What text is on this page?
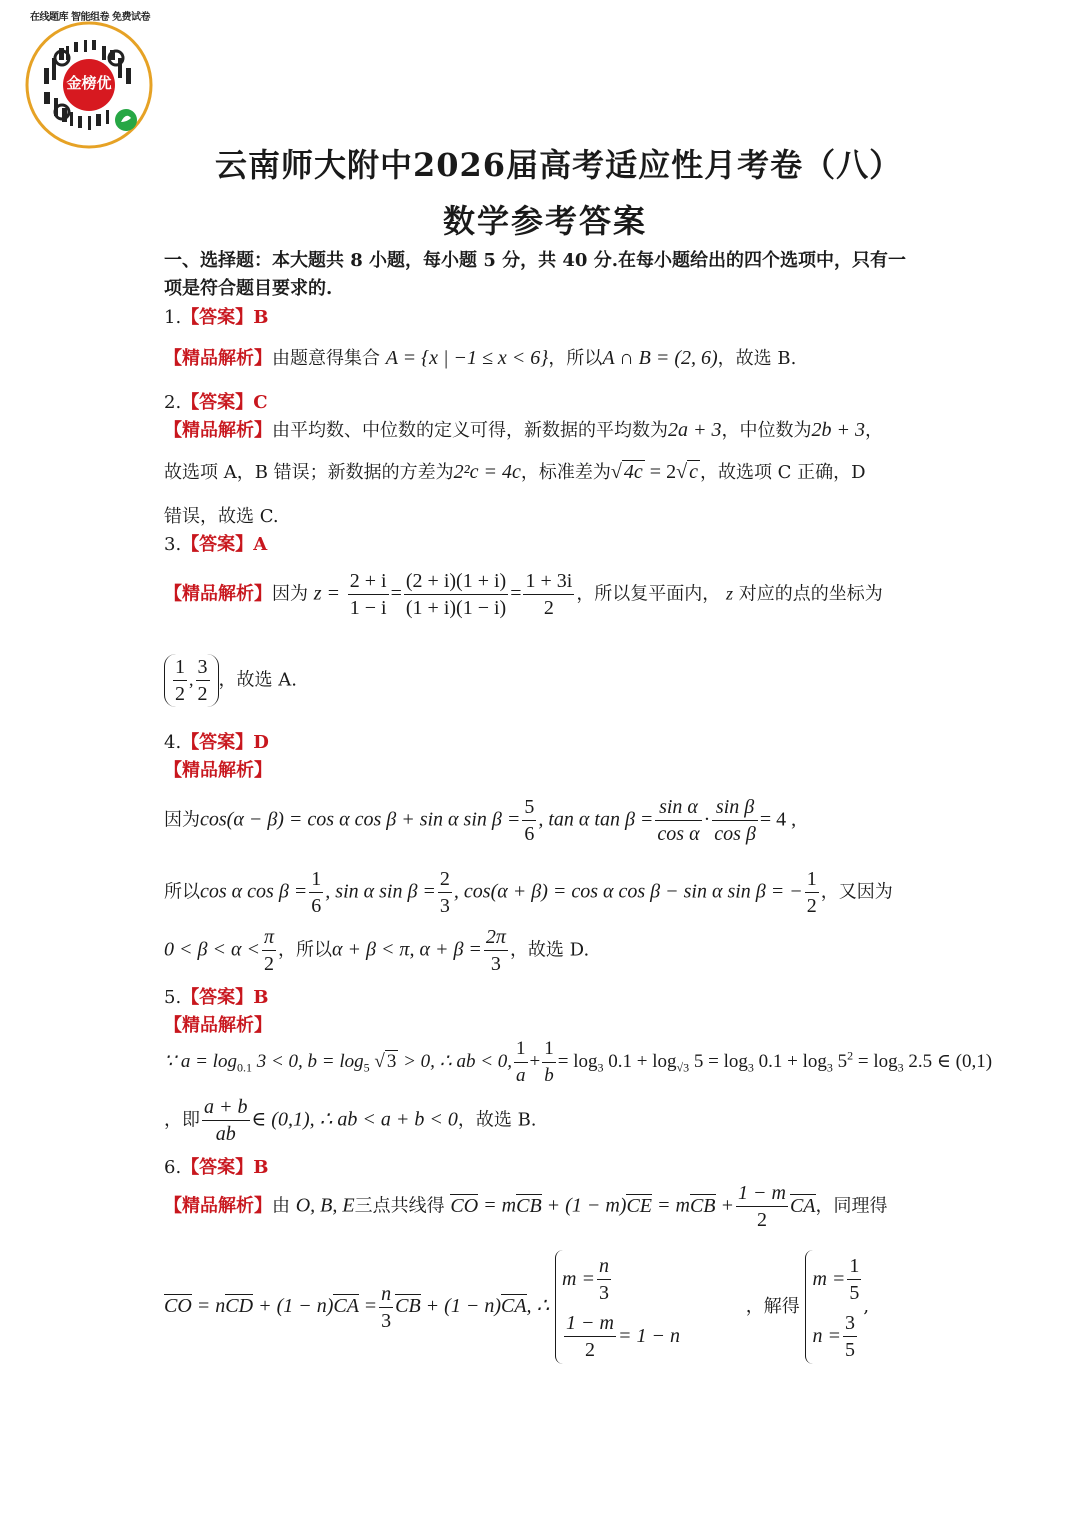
金榜优
在线题库 智能组卷 免费试卷
云南师大附中2026届高考适应性月考卷（八）
数学参考答案
一、选择题：本大题共 8 小题，每小题 5 分，共 40 分.在每小题给出的四个选项中，只有一
项是符合题目要求的.
1.【答案】B
【精品解析】由题意得集合 A = {x | −1 ≤ x < 6}，所以A ∩ B = (2, 6)，故选 B.
2.【答案】C
【精品解析】由平均数、中位数的定义可得，新数据的平均数为2a + 3，中位数为2b + 3，
故选项 A，B 错误；新数据的方差为2²c = 4c，标准差为√ 4c = 2√ c ，故选项 C 正确，D
错误，故选 C.
3.【答案】A
【精品解析】因为 $z = \frac{2 + i}{1 - i} = \frac{(2 + i)(1 + i)}{(1 + i)(1 - i)} = \frac{1 + 3i}{2}$ ，所以复平面内， z 对应的点的坐标为
$\frac{1}{2}$ , $\frac{3}{2}$ ，故选 A.
4.【答案】D
【精品解析】
因为cos(α − β) = cos α cos β + sin α $\sin \beta = \frac{5}{6}$ , tan α $\tan \beta = \frac{\text{sin α}}{\text{cos α}} \cdot \frac{\text{sin β}}{\text{cos β}} = 4$ ,
所以cos α $\cos \beta = \frac{1}{6}$ , sin α $\sin \beta = \frac{2}{3}$ , cos(α + β) = cos α cos β − sin α sin β = − $\frac{1}{2}$ ，又因为
$0 < \beta < \alpha < \frac{\pi}{2}$ ，所以α + β < π, $\alpha + \beta = \frac{2\pi}{3}$ ，故选 D.
5.【答案】B
【精品解析】
∵ $a = \log_{0.1} 3 < 0$, $b = \log_5$ √ 3 > 0, ∴ ab < 0, $\frac{1}{a} + \frac{1}{b} = \log_3 0.1 + \log_{√3} 5 = \log_3 0.1 + \log_3 5^2 = \log_3 2.5$ ∈ (0,1)
，即 $\frac{a + b}{ab}$ ∈ (0,1), ∴ ab < a + b < 0，故选 B.
6.【答案】B
【精品解析】由 O, B, E三点共线得 CO = mCB + (1 − m)CE = mCB + $\frac{1 - m}{2}$ CA，同理得
CO = nCD + $(1 - n)CA = \frac{n}{3}$ CB + (1 − n)CA, ∴
$m = \frac{n}{3}$
$\frac{1 - m}{2} = 1 - n$
，解得
$m = \frac{1}{5}$
$n = \frac{3}{5}$
,
